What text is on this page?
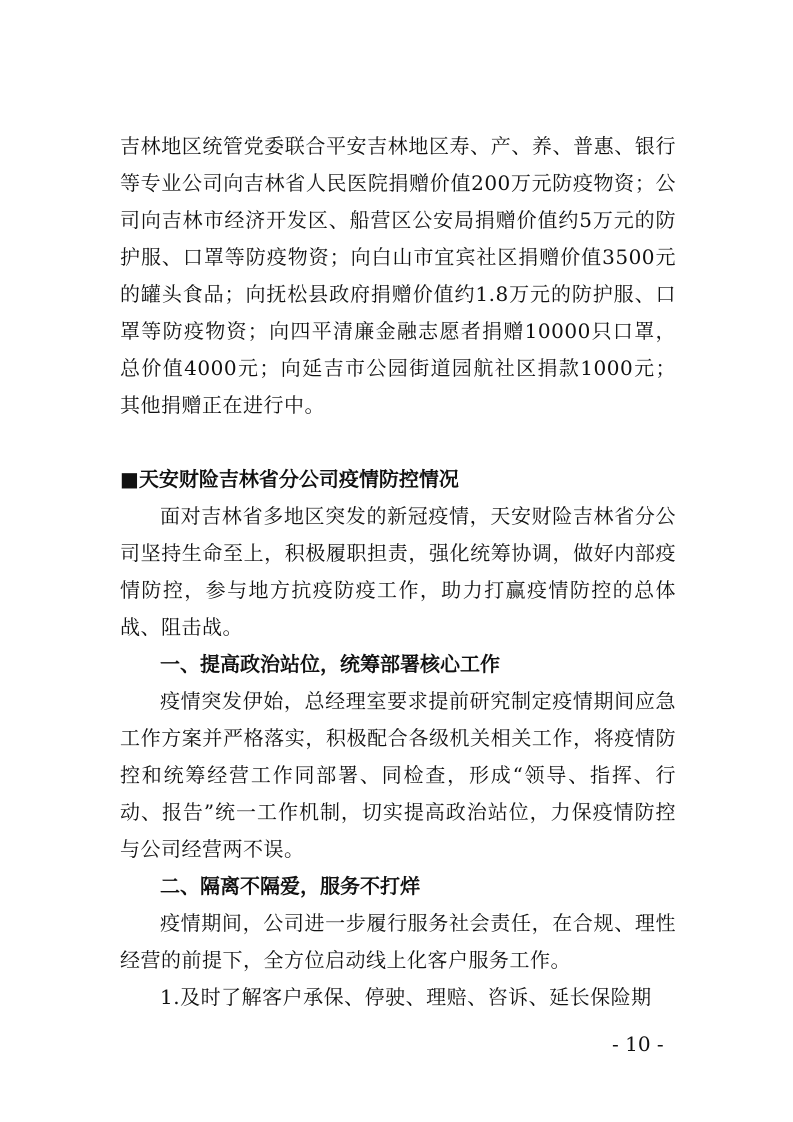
吉林地区统管党委联合平安吉林地区寿、产、养、普惠、银行等专业公司向吉林省人民医院捐赠价值200万元防疫物资；公司向吉林市经济开发区、船营区公安局捐赠价值约5万元的防护服、口罩等防疫物资；向白山市宜宾社区捐赠价值3500元的罐头食品；向抚松县政府捐赠价值约1.8万元的防护服、口罩等防疫物资；向四平清廉金融志愿者捐赠10000只口罩，总价值4000元；向延吉市公园街道园航社区捐款1000元；其他捐赠正在进行中。

■天安财险吉林省分公司疫情防控情况

面对吉林省多地区突发的新冠疫情，天安财险吉林省分公司坚持生命至上，积极履职担责，强化统筹协调，做好内部疫情防控，参与地方抗疫防疫工作，助力打赢疫情防控的总体战、阻击战。

一、提高政治站位，统筹部署核心工作

疫情突发伊始，总经理室要求提前研究制定疫情期间应急工作方案并严格落实，积极配合各级机关相关工作，将疫情防控和统筹经营工作同部署、同检查，形成“领导、指挥、行动、报告”统一工作机制，切实提高政治站位，力保疫情防控与公司经营两不误。

二、隔离不隔爱，服务不打烊

疫情期间，公司进一步履行服务社会责任，在合规、理性经营的前提下，全方位启动线上化客户服务工作。

1.及时了解客户承保、停驶、理赔、咨诉、延长保险期

- 10 -
